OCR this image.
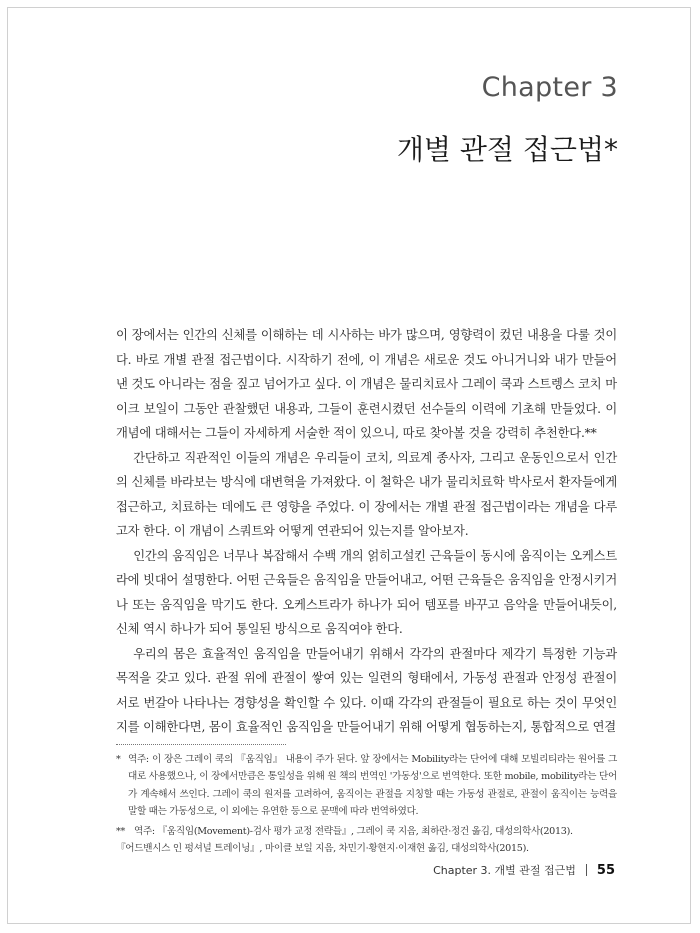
Chapter 3
개별 관절 접근법*

이 장에서는 인간의 신체를 이해하는 데 시사하는 바가 많으며, 영향력이 컸던 내용을 다룰 것이다. 바로 개별 관절 접근법이다. 시작하기 전에, 이 개념은 새로운 것도 아니거니와 내가 만들어낸 것도 아니라는 점을 짚고 넘어가고 싶다. 이 개념은 물리치료사 그레이 쿡과 스트렝스 코치 마이크 보일이 그동안 관찰했던 내용과, 그들이 훈련시켰던 선수들의 이력에 기초해 만들었다. 이 개념에 대해서는 그들이 자세하게 서술한 적이 있으니, 따로 찾아볼 것을 강력히 추천한다.**

간단하고 직관적인 이들의 개념은 우리들이 코치, 의료계 종사자, 그리고 운동인으로서 인간의 신체를 바라보는 방식에 대변혁을 가져왔다. 이 철학은 내가 물리치료학 박사로서 환자들에게 접근하고, 치료하는 데에도 큰 영향을 주었다. 이 장에서는 개별 관절 접근법이라는 개념을 다루고자 한다. 이 개념이 스쿼트와 어떻게 연관되어 있는지를 알아보자.

인간의 움직임은 너무나 복잡해서 수백 개의 얽히고설킨 근육들이 동시에 움직이는 오케스트라에 빗대어 설명한다. 어떤 근육들은 움직임을 만들어내고, 어떤 근육들은 움직임을 안정시키거나 또는 움직임을 막기도 한다. 오케스트라가 하나가 되어 템포를 바꾸고 음악을 만들어내듯이, 신체 역시 하나가 되어 통일된 방식으로 움직여야 한다.

우리의 몸은 효율적인 움직임을 만들어내기 위해서 각각의 관절마다 제각기 특정한 기능과 목적을 갖고 있다. 관절 위에 관절이 쌓여 있는 일련의 형태에서, 가동성 관절과 안정성 관절이 서로 번갈아 나타나는 경향성을 확인할 수 있다. 이때 각각의 관절들이 필요로 하는 것이 무엇인지를 이해한다면, 몸이 효율적인 움직임을 만들어내기 위해 어떻게 협동하는지, 통합적으로 연결

* 역주: 이 장은 그레이 쿡의 『움직임』 내용이 주가 된다. 앞 장에서는 Mobility라는 단어에 대해 모빌리티라는 원어를 그대로 사용했으나, 이 장에서만큼은 통일성을 위해 원 책의 번역인 '가동성'으로 번역한다. 또한 mobile, mobility라는 단어가 계속해서 쓰인다. 그레이 쿡의 원저를 고려하여, 움직이는 관절을 지칭할 때는 가동성 관절로, 관절이 움직이는 능력을 말할 때는 가동성으로, 이 외에는 유연한 등으로 문맥에 따라 번역하였다.
** 역주: 『움직임(Movement)-검사 평가 교정 전략들』, 그레이 쿡 지음, 최하란·정건 옮김, 대성의학사(2013).
『어드밴시스 인 펑셔널 트레이닝』, 마이클 보일 지음, 차민기·황현지·이재현 옮김, 대성의학사(2015).
Chapter 3. 개별 관절 접근법 55
